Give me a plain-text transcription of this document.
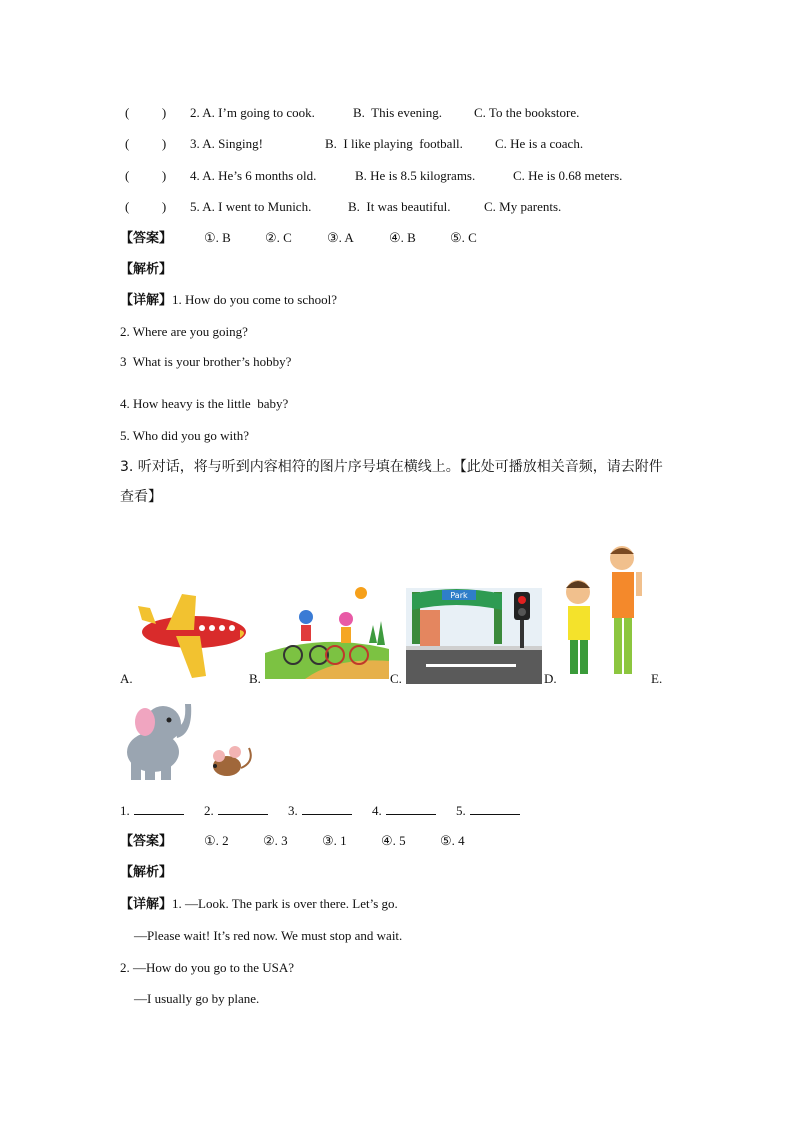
(          ) 2. A. I’m going to cook.	B.  This evening. C. To the bookstore.
(          ) 3. A. Singing!	B.  I like playing  football. C. He is a coach.
(          ) 4. A. He’s 6 months old.	B. He is 8.5 kilograms.	C. He is 0.68 meters.
(          ) 5. A. I went to Munich.	B.  It was beautiful.	C. My parents.
【答案】 ①. B	②. C	③. A	④. B	⑤. C
【解析】
【详解】1. How do you come to school?
2. Where are you going?
3  What is your brother’s hobby?
4. How heavy is the little  baby?
5. Who did you go with?
3. 听对话，将与听到内容相符的图片序号填在横线上。【此处可播放相关音频，请去附件
查看】
A.	B.
Park
C.	D.	E.
1.	2.	3.	4.	5.
【答案】 ①. 2	②. 3	③. 1	④. 5	⑤. 4
【解析】
【详解】1. —Look. The park is over there. Let’s go.
—Please wait! It’s red now. We must stop and wait.
2. —How do you go to the USA?
—I usually go by plane.
